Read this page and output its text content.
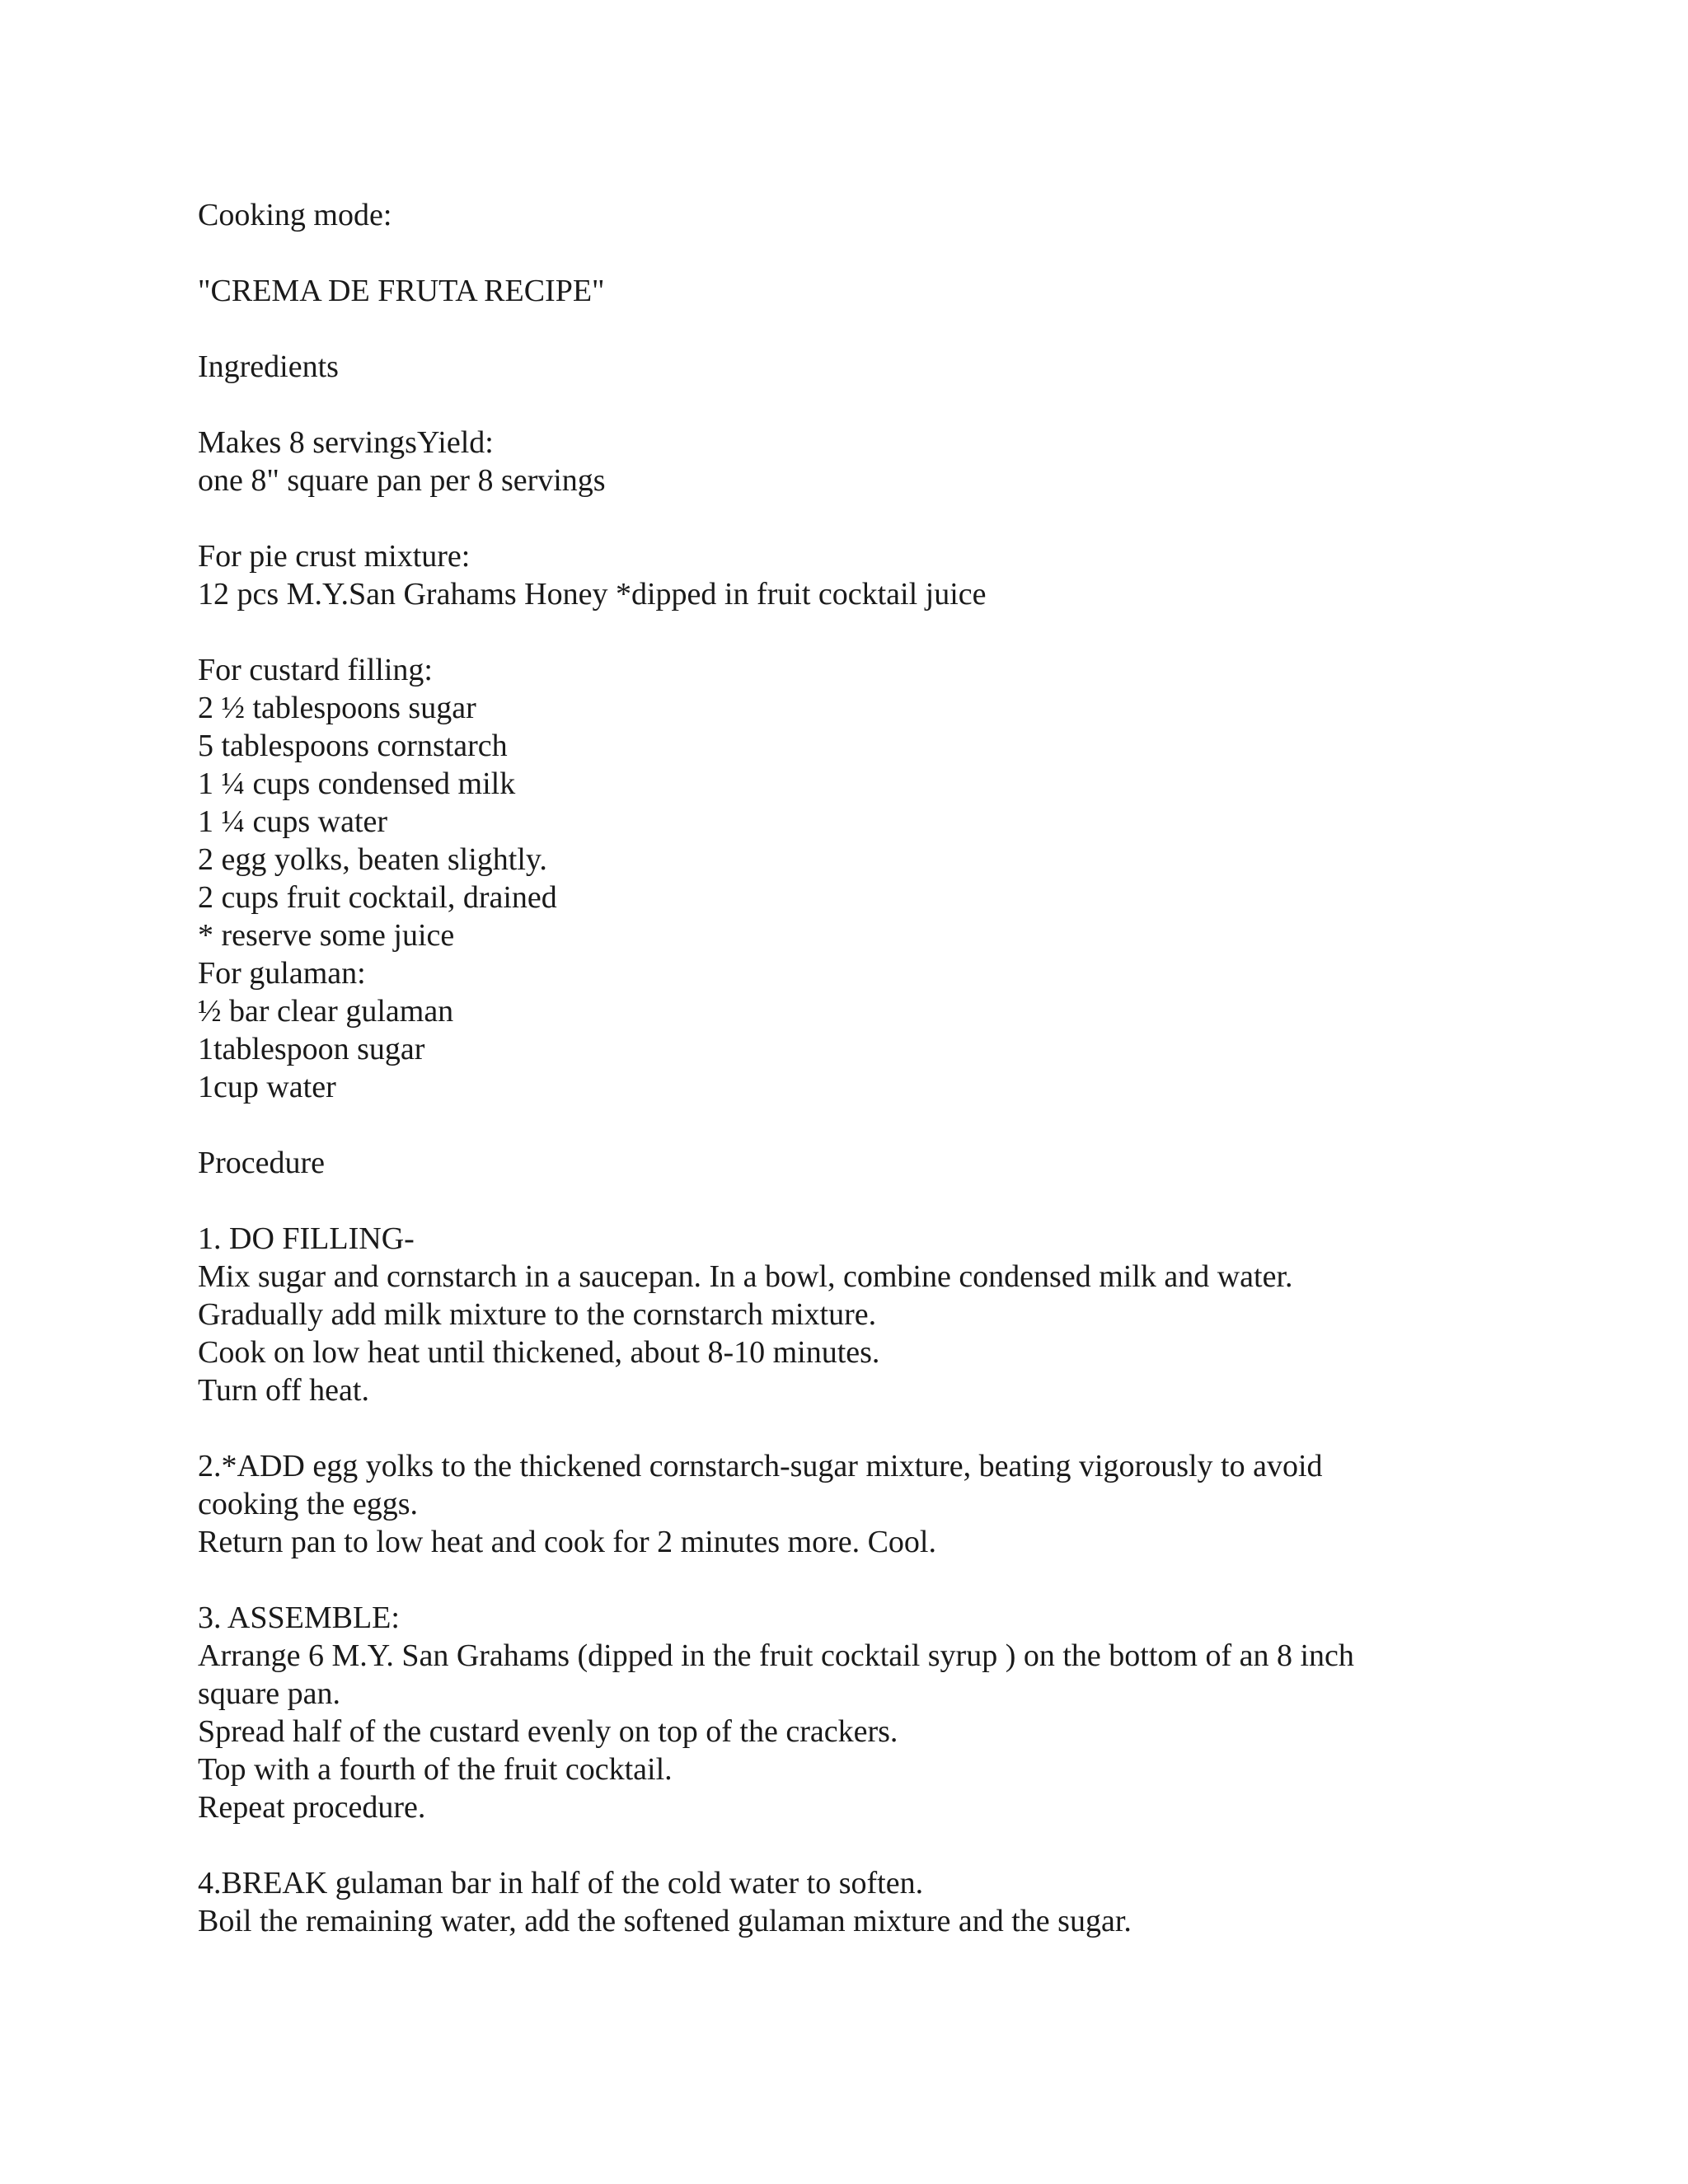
Cooking mode:
"CREMA DE FRUTA RECIPE"
Ingredients
Makes 8 servingsYield:
one 8" square pan per 8 servings
For pie crust mixture:
12 pcs M.Y.San Grahams Honey *dipped in fruit cocktail juice
For custard filling:
2 ½ tablespoons sugar
5 tablespoons cornstarch
1 ¼ cups condensed milk
1 ¼ cups water
2 egg yolks, beaten slightly.
2 cups fruit cocktail, drained
* reserve some juice
For gulaman:
½ bar clear gulaman
1tablespoon sugar
1cup water
Procedure
1. DO FILLING-
Mix sugar and cornstarch in a saucepan. In a bowl, combine condensed milk and water.
Gradually add milk mixture to the cornstarch mixture.
Cook on low heat until thickened, about 8-10 minutes.
Turn off heat.
2.*ADD egg yolks to the thickened cornstarch-sugar mixture, beating vigorously to avoid
cooking the eggs.
Return pan to low heat and cook for 2 minutes more. Cool.
3. ASSEMBLE:
Arrange 6 M.Y. San Grahams (dipped in the fruit cocktail syrup ) on the bottom of an 8 inch
square pan.
Spread half of the custard evenly on top of the crackers.
Top with a fourth of the fruit cocktail.
Repeat procedure.
4.BREAK gulaman bar in half of the cold water to soften.
Boil the remaining water, add the softened gulaman mixture and the sugar.
